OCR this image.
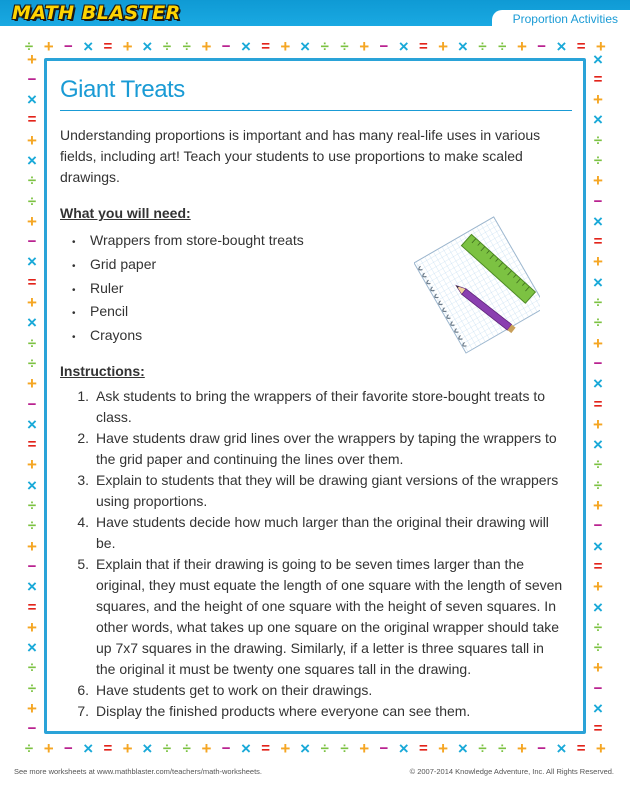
MATH BLASTER	Proportion Activities
÷ + − × = + × ÷ ÷ + − × = + × ÷ ÷ + − × = + × ÷ ÷ + − × = +
÷ + − × = + × ÷ ÷ + − × = + × ÷ ÷ + − × = + × ÷ ÷ + − × = +
+
−
×
=
+
×
÷
÷
+
−
×
=
+
×
÷
÷
+
−
×
=
+
×
÷
÷
+
−
×
=
+
×
÷
÷
+
−
×
=
+
×
÷
÷
+
−
×
=
+
×
÷
÷
+
−
×
=
+
×
÷
÷
+
−
×
=
+
×
÷
÷
+
−
×
=
Giant Treats
Understanding proportions is important and has many real-life uses in various fields, including art! Teach your students to use proportions to make scaled drawings.
What you will need:
• Wrappers from store-bought treats
• Grid paper
• Ruler
• Pencil
• Crayons
Instructions:
1. Ask students to bring the wrappers of their favorite store-bought treats to class.
2. Have students draw grid lines over the wrappers by taping the wrappers to the grid paper and continuing the lines over them.
3. Explain to students that they will be drawing giant versions of the wrappers using proportions.
4. Have students decide how much larger than the original their drawing will be.
5. Explain that if their drawing is going to be seven times larger than the original, they must equate the length of one square with the length of seven squares, and the height of one square with the height of seven squares. In other words, what takes up one square on the original wrapper should take up 7x7 squares in the drawing. Similarly, if a letter is three squares tall in the original it must be twenty one squares tall in the drawing.
6. Have students get to work on their drawings.
7. Display the finished products where everyone can see them.
See more worksheets at www.mathblaster.com/teachers/math-worksheets.	© 2007-2014 Knowledge Adventure, Inc. All Rights Reserved.
